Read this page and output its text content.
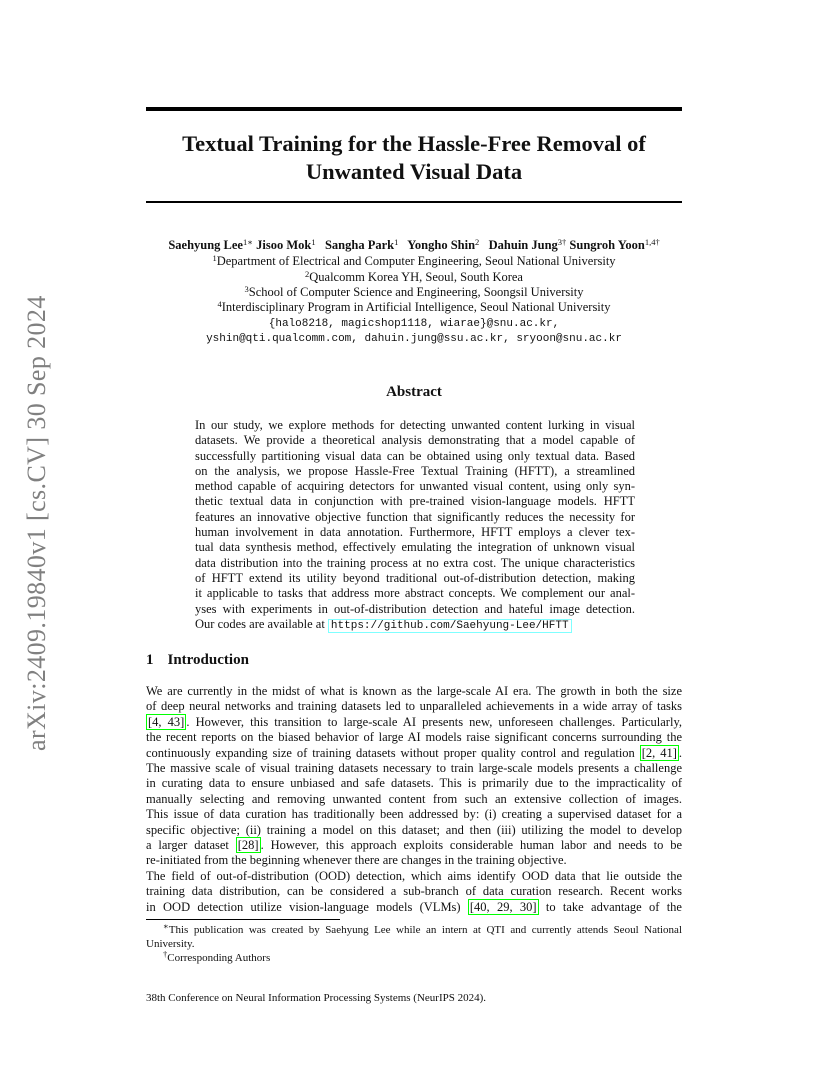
arXiv:2409.19840v1 [cs.CV] 30 Sep 2024
Textual Training for the Hassle-Free Removal of
Unwanted Visual Data
Saehyung Lee$^{1∗}$ Jisoo Mok$^1$ Sangha Park$^1$ Yongho Shin$^2$ Dahuin Jung$^{3\dagger}$ Sungroh Yoon$^{1,4\dagger}$
$^1$Department of Electrical and Computer Engineering, Seoul National University
$^2$Qualcomm Korea YH, Seoul, South Korea
$^3$School of Computer Science and Engineering, Soongsil University
$^4$Interdisciplinary Program in Artificial Intelligence, Seoul National University
{halo8218, magicshop1118, wiarae}@snu.ac.kr,
yshin@qti.qualcomm.com, dahuin.jung@ssu.ac.kr, sryoon@snu.ac.kr
Abstract
In our study, we explore methods for detecting unwanted content lurking in visual
datasets. We provide a theoretical analysis demonstrating that a model capable of
successfully partitioning visual data can be obtained using only textual data. Based
on the analysis, we propose Hassle-Free Textual Training (HFTT), a streamlined
method capable of acquiring detectors for unwanted visual content, using only syn-
thetic textual data in conjunction with pre-trained vision-language models. HFTT
features an innovative objective function that significantly reduces the necessity for
human involvement in data annotation. Furthermore, HFTT employs a clever tex-
tual data synthesis method, effectively emulating the integration of unknown visual
data distribution into the training process at no extra cost. The unique characteristics
of HFTT extend its utility beyond traditional out-of-distribution detection, making
it applicable to tasks that address more abstract concepts. We complement our anal-
yses with experiments in out-of-distribution detection and hateful image detection.
Our codes are available at https://github.com/Saehyung-Lee/HFTT
1 Introduction
We are currently in the midst of what is known as the large-scale AI era. The growth in both the size
of deep neural networks and training datasets led to unparalleled achievements in a wide array of tasks
[4, 43] . However, this transition to large-scale AI presents new, unforeseen challenges. Particularly,
the recent reports on the biased behavior of large AI models raise significant concerns surrounding the
continuously expanding size of training datasets without proper quality control and regulation [2, 41] .
The massive scale of visual training datasets necessary to train large-scale models presents a challenge
in curating data to ensure unbiased and safe datasets. This is primarily due to the impracticality of
manually selecting and removing unwanted content from such an extensive collection of images.
This issue of data curation has traditionally been addressed by: (i) creating a supervised dataset for a
specific objective; (ii) training a model on this dataset; and then (iii) utilizing the model to develop
a larger dataset [28] . However, this approach exploits considerable human labor and needs to be
re-initiated from the beginning whenever there are changes in the training objective.
The field of out-of-distribution (OOD) detection, which aims identify OOD data that lie outside the
training data distribution, can be considered a sub-branch of data curation research. Recent works
in OOD detection utilize vision-language models (VLMs) [40, 29, 30] to take advantage of the
∗This publication was created by Saehyung Lee while an intern at QTI and currently attends Seoul National
University.
†Corresponding Authors
38th Conference on Neural Information Processing Systems (NeurIPS 2024).
